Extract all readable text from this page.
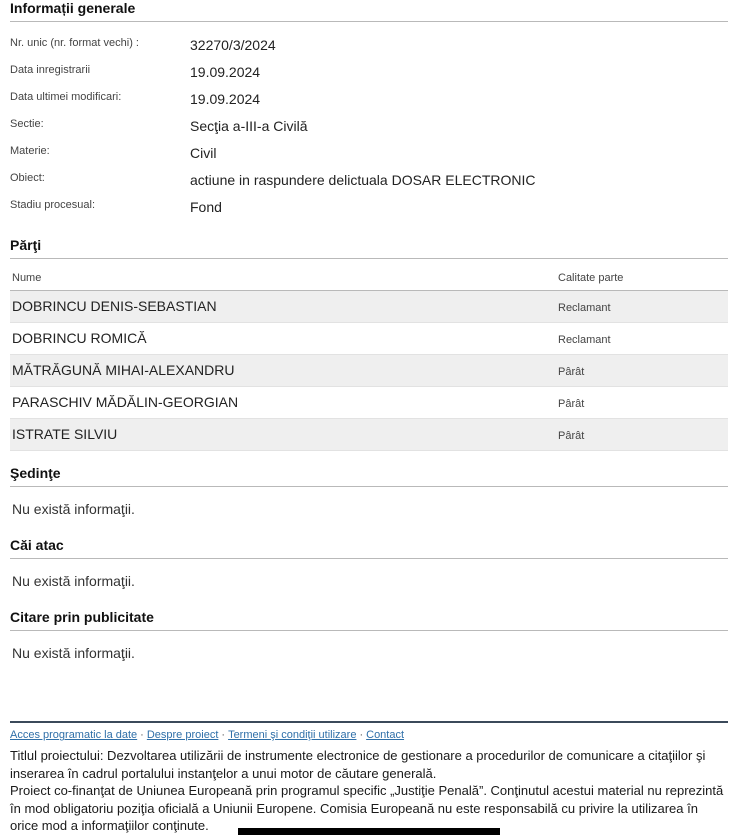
Informații generale
Nr. unic (nr. format vechi) :	32270/3/2024
Data inregistrarii	19.09.2024
Data ultimei modificari:	19.09.2024
Sectie:	Secţia a-III-a Civilă
Materie:	Civil
Obiect:	actiune in raspundere delictuala DOSAR ELECTRONIC
Stadiu procesual:	Fond
Părţi
Nume	Calitate parte
DOBRINCU DENIS-SEBASTIAN	Reclamant
DOBRINCU ROMICĂ	Reclamant
MĂTRĂGUNĂ MIHAI-ALEXANDRU	Pârât
PARASCHIV MĂDĂLIN-GEORGIAN	Pârât
ISTRATE SILVIU	Pârât
Şedinţe
Nu există informaţii.
Căi atac
Nu există informaţii.
Citare prin publicitate
Nu există informaţii.
Acces programatic la date · Despre proiect · Termeni şi condiţii utilizare · Contact

Titlul proiectului: Dezvoltarea utilizării de instrumente electronice de gestionare a procedurilor de comunicare a citaţiilor şi inserarea în cadrul portalului instanţelor a unui motor de căutare generală.

Proiect co-finanţat de Uniunea Europeană prin programul specific „Justiţie Penală”. Conţinutul acestui material nu reprezintă în mod obligatoriu poziţia oficială a Uniunii Europene. Comisia Europeană nu este responsabilă cu privire la utilizarea în orice mod a informaţiilor conţinute.
